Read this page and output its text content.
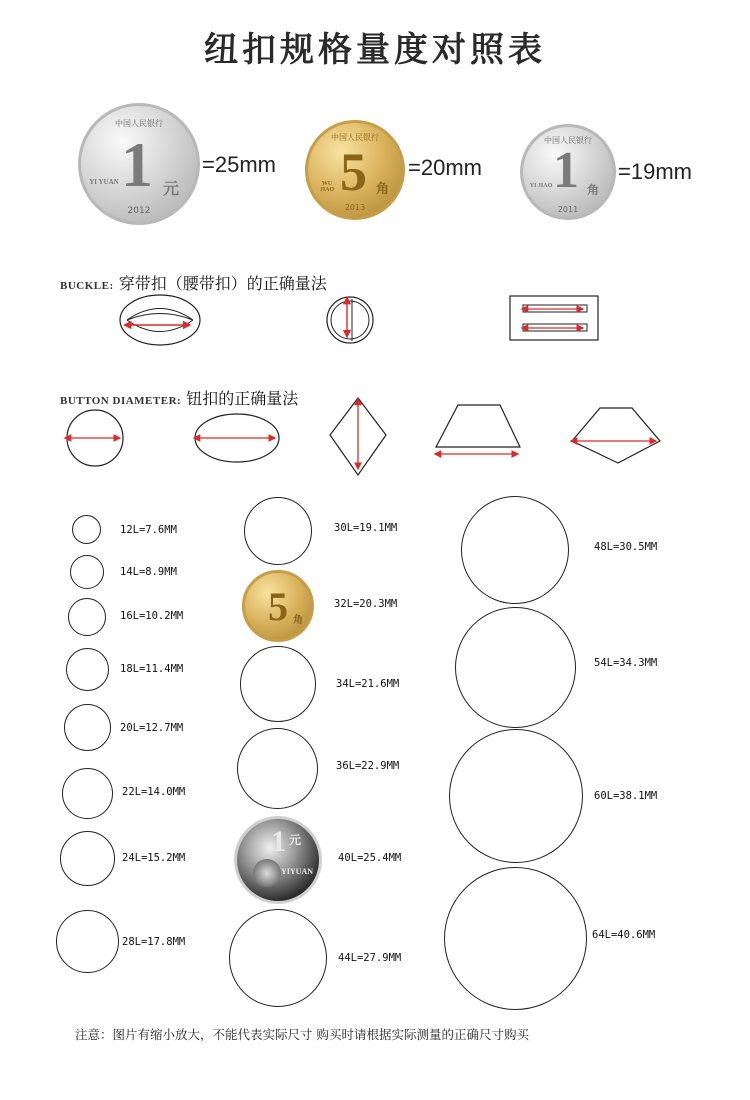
纽扣规格量度对照表
中国人民银行
1 元
YI YUAN
2012
=25mm
中国人民银行
5 角
WU JIAO
2013
=20mm
中国人民银行
1 角
YI JIAO
2011
=19mm
BUCKLE: 穿带扣（腰带扣）的正确量法
BUTTON DIAMETER: 钮扣的正确量法
12L=7.6MM
14L=8.9MM
16L=10.2MM
18L=11.4MM
20L=12.7MM
22L=14.0MM
24L=15.2MM
28L=17.8MM
30L=19.1MM
5 角
32L=20.3MM
34L=21.6MM
36L=22.9MM
1 元
YIYUAN
40L=25.4MM
44L=27.9MM
48L=30.5MM
54L=34.3MM
60L=38.1MM
64L=40.6MM
注意：图片有缩小放大，不能代表实际尺寸 购买时请根据实际测量的正确尺寸购买
